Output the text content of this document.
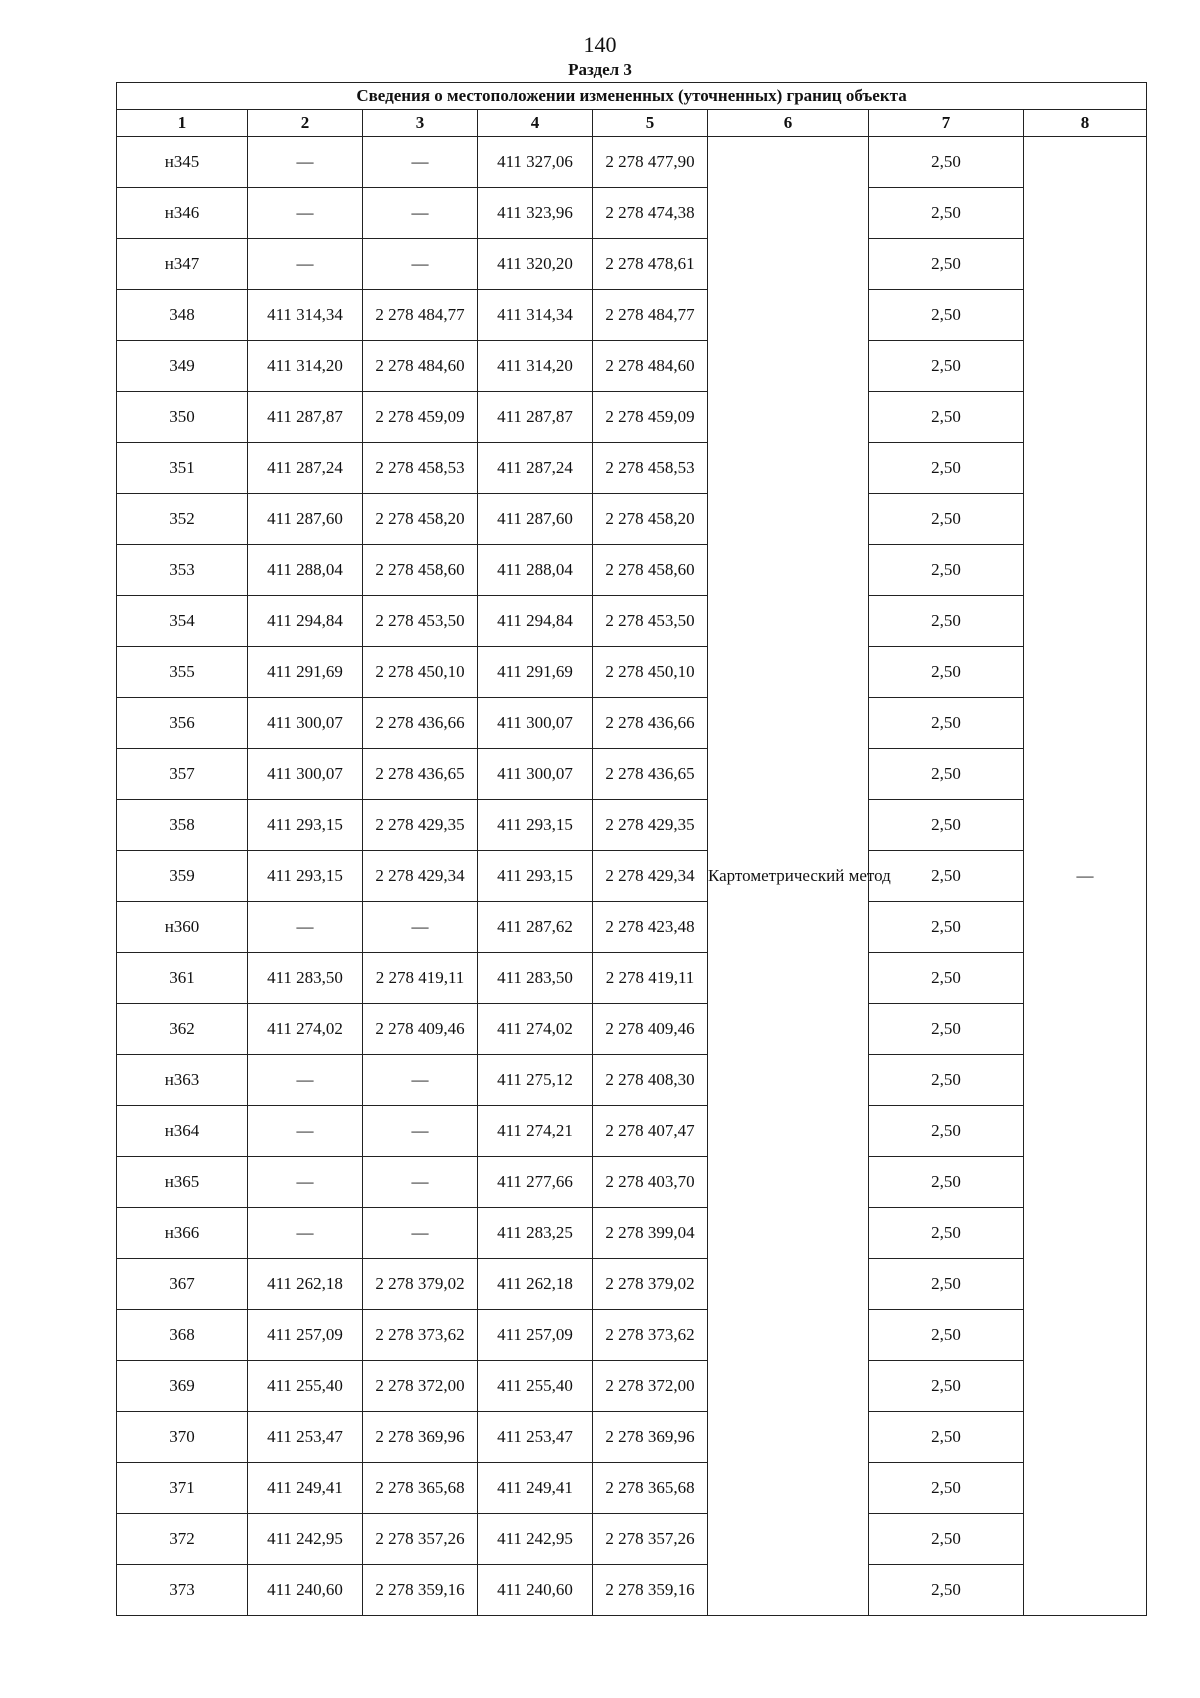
140
Раздел 3
Сведения о местоположении измененных (уточненных) границ объекта							
1	2	3	4	5	6	7	8
н345	—	—	411 327,06	2 278 477,90	Картометрический метод	2,50	—
н346	—	—	411 323,96	2 278 474,38		2,50	
н347	—	—	411 320,20	2 278 478,61		2,50	
348	411 314,34	2 278 484,77	411 314,34	2 278 484,77		2,50	
349	411 314,20	2 278 484,60	411 314,20	2 278 484,60		2,50	
350	411 287,87	2 278 459,09	411 287,87	2 278 459,09		2,50	
351	411 287,24	2 278 458,53	411 287,24	2 278 458,53		2,50	
352	411 287,60	2 278 458,20	411 287,60	2 278 458,20		2,50	
353	411 288,04	2 278 458,60	411 288,04	2 278 458,60		2,50	
354	411 294,84	2 278 453,50	411 294,84	2 278 453,50		2,50	
355	411 291,69	2 278 450,10	411 291,69	2 278 450,10		2,50	
356	411 300,07	2 278 436,66	411 300,07	2 278 436,66		2,50	
357	411 300,07	2 278 436,65	411 300,07	2 278 436,65		2,50	
358	411 293,15	2 278 429,35	411 293,15	2 278 429,35		2,50	
359	411 293,15	2 278 429,34	411 293,15	2 278 429,34		2,50	
н360	—	—	411 287,62	2 278 423,48		2,50	
361	411 283,50	2 278 419,11	411 283,50	2 278 419,11		2,50	
362	411 274,02	2 278 409,46	411 274,02	2 278 409,46		2,50	
н363	—	—	411 275,12	2 278 408,30		2,50	
н364	—	—	411 274,21	2 278 407,47		2,50	
н365	—	—	411 277,66	2 278 403,70		2,50	
н366	—	—	411 283,25	2 278 399,04		2,50	
367	411 262,18	2 278 379,02	411 262,18	2 278 379,02		2,50	
368	411 257,09	2 278 373,62	411 257,09	2 278 373,62		2,50	
369	411 255,40	2 278 372,00	411 255,40	2 278 372,00		2,50	
370	411 253,47	2 278 369,96	411 253,47	2 278 369,96		2,50	
371	411 249,41	2 278 365,68	411 249,41	2 278 365,68		2,50	
372	411 242,95	2 278 357,26	411 242,95	2 278 357,26		2,50	
373	411 240,60	2 278 359,16	411 240,60	2 278 359,16		2,50	
